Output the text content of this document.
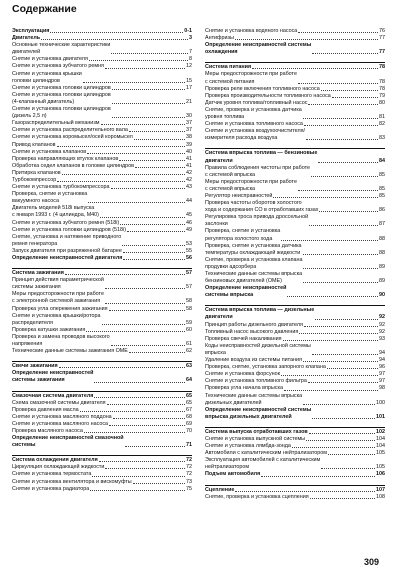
Содержание
Эксплуатация	0-1
Двигатель	3
Основные технические характеристики
двигателей	7
Снятие и установка двигателя	8
Снятие и установка зубчатого ремня	12
Снятие и установка крышки
головки цилиндров	15
Снятие и установка головки цилиндров	17
Снятие и установка головки цилиндров
(4-клапанный двигатель)	21
Снятие и установка головки цилиндров
(дизель 2,5 л)	30
Газораспределительный механизм	37
Снятие и установка распределительного вала	37
Снятие и установка коромысел/осей коромысел	38
Привод клапанов	39
Снятие и установка клапанов	40
Проверка направляющих втулок клапанов	41
Обработка седел клапанов в головке цилиндров	41
Притирка клапанов	42
Турбокомпрессор	42
Снятие и установка турбокомпрессора	43
Проверка, снятие и установка
вакуумного насоса	44
Двигатель моделей 518i выпуска
с января 1993 г. (4 цилиндра, М40)	45
Снятие и установка зубчатого ремня (518i)	46
Снятие и установка головки цилиндров (518i)	49
Снятие, установка и натяжение приводного
ремня генератора	53
Запуск двигателя при разряженной батарее	55
Определение неисправностей двигателя	56
Система зажигания	57
Принцип действия параметрической
системы зажигания	57
Меры предосторожности при работе
с электронной системой зажигания	58
Проверка угла опережения зажигания	58
Снятие и установка крышки/ротора
распределителя	59
Проверка катушки зажигания	60
Проверка и замена проводов высокого
напряжения	61
Технические данные системы зажигания OME	62
Свечи зажигания	63
Определение неисправностей
системы зажигания	64
Смазочная система двигателя	65
Схема смазочной системы двигателя	65
Проверка давления масла	67
Снятие и установка масляного поддона	68
Снятие и установка масляного насоса	69
Проверка масляного насоса	70
Определение неисправностей смазочной
системы	71
Система охлаждения двигателя	72
Циркуляция охлаждающей жидкости	72
Снятие и установка термостата	72
Снятие и установка вентилятора и вискомуфты	73
Снятие и установка радиатора	75
Снятие и установка водяного насоса	76
Антифризы	77
Определение неисправностей системы
охлаждения	77
Система питания	78
Меры предосторожности при работе
с системой питания	78
Проверка реле включения топливного насоса	78
Проверка производительности топливного насоса	79
Датчик уровня топлива/топливный насос	80
Снятие, проверка и установка датчика
уровня топлива	81
Снятие и установка топливного насоса	82
Снятие и установка воздухоочистителя/
измерителя расхода воздуха	83
Система впрыска топлива — бензиновые
двигатели	84
Правила соблюдения чистоты при работе
с системой впрыска	85
Меры предосторожности при работе
с системой впрыска	85
Регулятор неисправностей	85
Проверка частоты оборотов холостого
хода и содержания CO в отработавших газах	86
Регулировка троса привода дроссельной
заслонки	87
Проверка, снятие и установка
регулятора холостого хода	88
Проверка, снятие и установка датчика
температуры охлаждающей жидкости	88
Снятие, проверка и установка клапана
продувки адсорбера	89
Технические данные системы впрыска
бензиновых двигателей (OME)	89
Определение неисправностей
системы впрыска	90
Система впрыска топлива — дизельные
двигатели	92
Принцип работы дизельного двигателя	92
Топливный насос высокого давления	92
Проверка свечей накаливания	93
Коды неисправностей дизельной системы
впрыска	94
Удаление воздуха из системы питания	94
Проверка, снятие, установка запорного клапана	96
Снятие и установка форсунок	97
Снятие и установка топливного фильтра	97
Проверка угла начала впрыска	98
Технические данные системы впрыска
дизельных двигателей	100
Определение неисправностей системы
впрыска дизельных двигателей	101
Система выпуска отработавших газов	102
Снятие и установка выпускной системы	104
Снятие и установка лямбда-зонда	104
Автомобили с каталитическим нейтрализатором	105
Эксплуатация автомобилей с каталитическим
нейтрализатором	105
Подъем автомобиля	106
Сцепление	107
Снятие, проверка и установка сцепления	108
309
